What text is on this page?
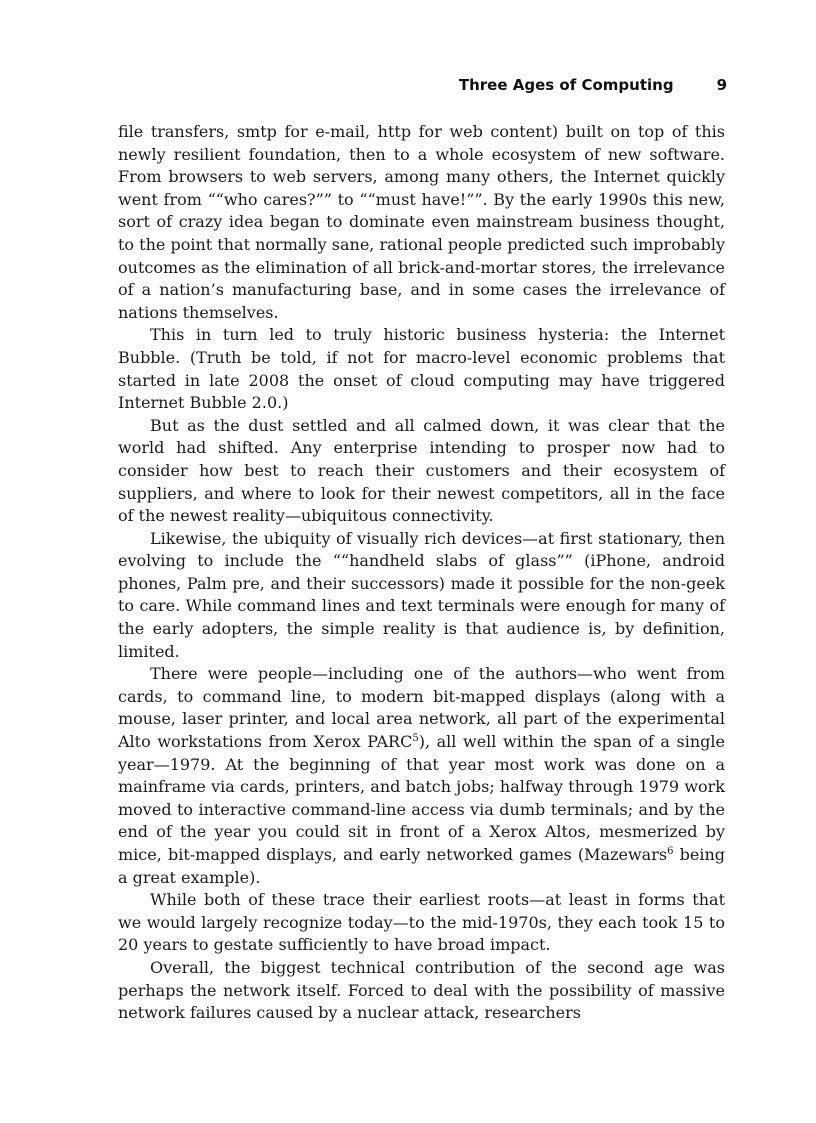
Three Ages of Computing	9

file transfers, smtp for e-mail, http for web content) built on top of this newly resilient foundation, then to a whole ecosystem of new software. From browsers to web servers, among many others, the Internet quickly went from ““who cares?”” to ““must have!””. By the early 1990s this new, sort of crazy idea began to dominate even mainstream business thought, to the point that normally sane, rational people predicted such improbably outcomes as the elimination of all brick-and-mortar stores, the irrelevance of a nation’s manufacturing base, and in some cases the irrelevance of nations themselves.

This in turn led to truly historic business hysteria: the Internet Bubble. (Truth be told, if not for macro-level economic problems that started in late 2008 the onset of cloud computing may have triggered Internet Bubble 2.0.)

But as the dust settled and all calmed down, it was clear that the world had shifted. Any enterprise intending to prosper now had to consider how best to reach their customers and their ecosystem of suppliers, and where to look for their newest competitors, all in the face of the newest reality—ubiquitous connectivity.

Likewise, the ubiquity of visually rich devices—at first stationary, then evolving to include the ““handheld slabs of glass”” (iPhone, android phones, Palm pre, and their successors) made it possible for the non-geek to care. While command lines and text terminals were enough for many of the early adopters, the simple reality is that audience is, by definition, limited.

There were people—including one of the authors—who went from cards, to command line, to modern bit-mapped displays (along with a mouse, laser printer, and local area network, all part of the experimental Alto workstations from Xerox PARC$^5$), all well within the span of a single year—1979. At the beginning of that year most work was done on a mainframe via cards, printers, and batch jobs; halfway through 1979 work moved to interactive command-line access via dumb terminals; and by the end of the year you could sit in front of a Xerox Altos, mesmerized by mice, bit-mapped displays, and early networked games (Mazewars$^6$ being a great example).

While both of these trace their earliest roots—at least in forms that we would largely recognize today—to the mid-1970s, they each took 15 to 20 years to gestate sufficiently to have broad impact.

Overall, the biggest technical contribution of the second age was perhaps the network itself. Forced to deal with the possibility of massive network failures caused by a nuclear attack, researchers
